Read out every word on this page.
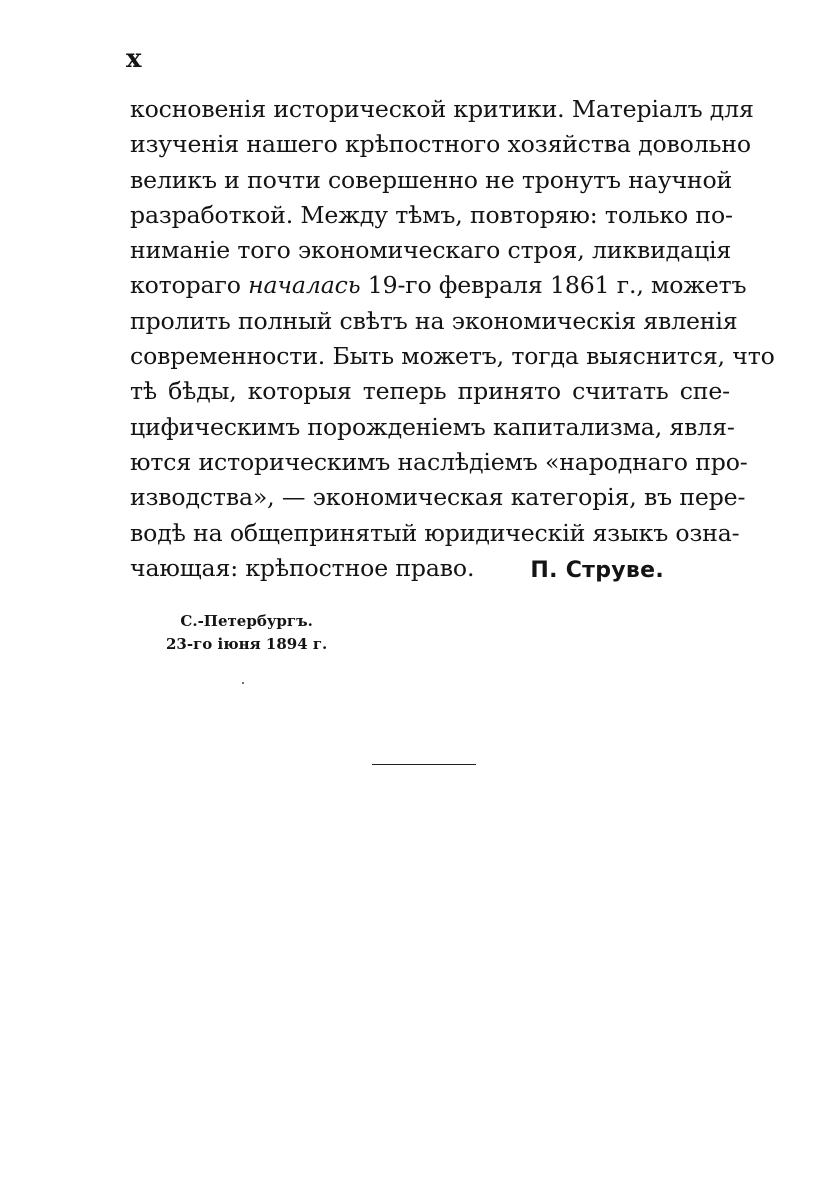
x

косновенія исторической критики. Матеріалъ для
изученія нашего крѣпостного хозяйства довольно
великъ и почти совершенно не тронутъ научной
разработкой. Между тѣмъ, повторяю: только по-
ниманіе того экономическаго строя, ликвидація
котораго началась 19-го февраля 1861 г., можетъ
пролить полный свѣтъ на экономическія явленія
современности. Быть можетъ, тогда выяснится, что
тѣ бѣды, которыя теперь принято считать спе-
цифическимъ порожденіемъ капитализма, явля-
ются историческимъ наслѣдіемъ «народнаго про-
изводства», — экономическая категорія, въ пере-
водѣ на общепринятый юридическій языкъ озна-
чающая: крѣпостное право.	П. Струве.
С.-Петербургъ.
23-го іюня 1894 г.
